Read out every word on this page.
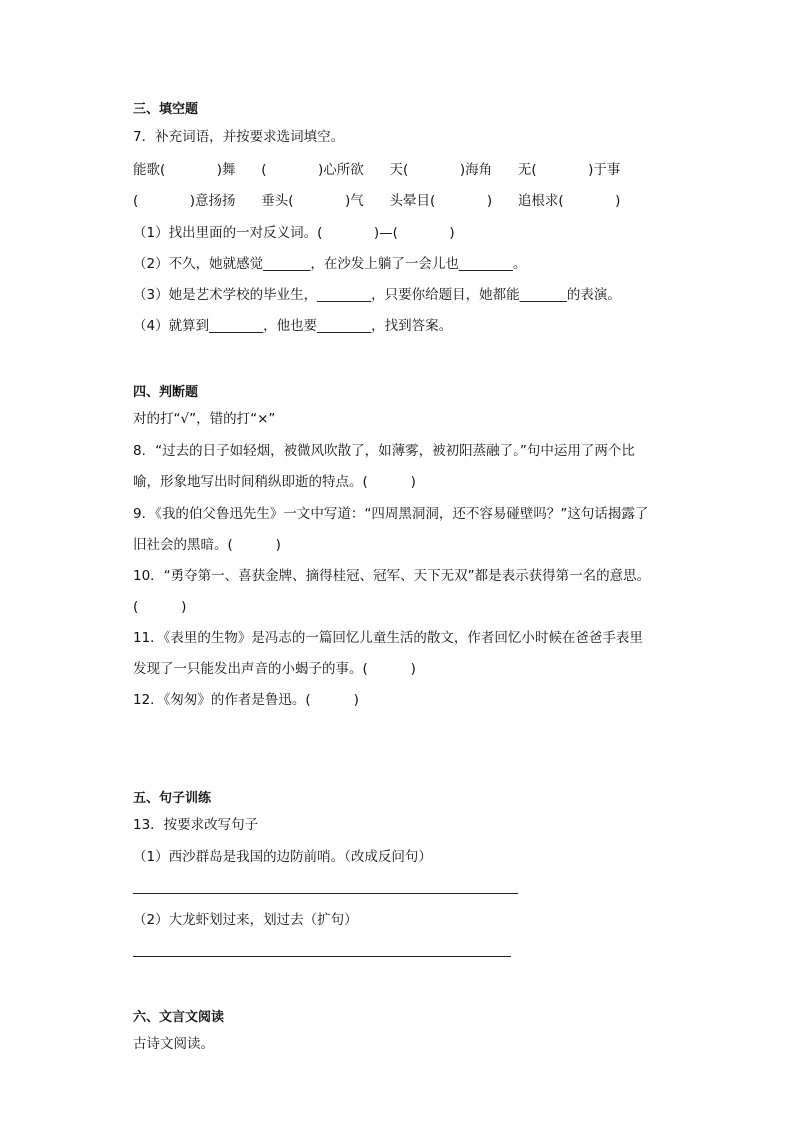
三、填空题
7．补充词语，并按要求选词填空。
能歌(            )舞      (            )心所欲      天(            )海角      无(            )于事
(            )意扬扬      垂头(            )气      头晕目(            )      追根求(            )
（1）找出里面的一对反义词。(            )—(            )
（2）不久，她就感觉_______，在沙发上躺了一会儿也________。
（3）她是艺术学校的毕业生，________，只要你给题目，她都能_______的表演。
（4）就算到________，他也要________，找到答案。
四、判断题
对的打“√”，错的打“×”
8．“过去的日子如轻烟，被微风吹散了，如薄雾，被初阳蒸融了。”句中运用了两个比
喻，形象地写出时间稍纵即逝的特点。(          )
9．《我的伯父鲁迅先生》一文中写道：“四周黑洞洞，还不容易碰壁吗？”这句话揭露了
旧社会的黑暗。(          )
10．“勇夺第一、喜获金牌、摘得桂冠、冠军、天下无双”都是表示获得第一名的意思。
(          )
11．《表里的生物》是冯志的一篇回忆儿童生活的散文，作者回忆小时候在爸爸手表里
发现了一只能发出声音的小蝎子的事。(          )
12．《匆匆》的作者是鲁迅。(          )
五、句子训练
13．按要求改写句子
（1）西沙群岛是我国的边防前哨。（改成反问句）
（2）大龙虾划过来，划过去（扩句）
六、文言文阅读
古诗文阅读。
